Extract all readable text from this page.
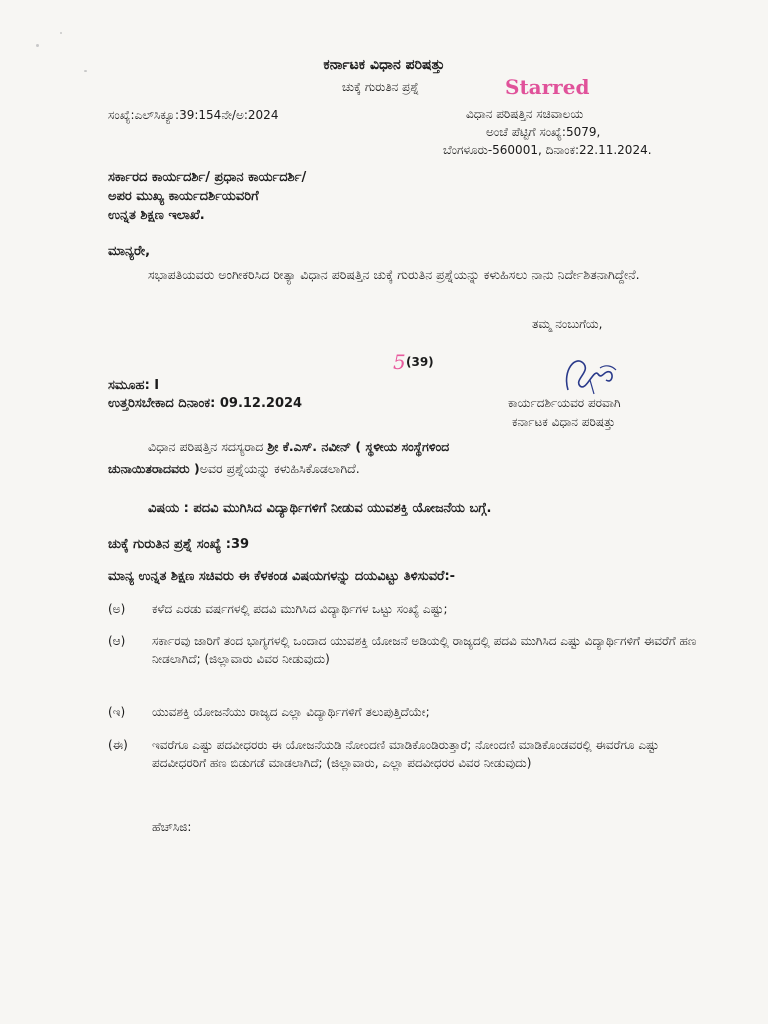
ಕರ್ನಾಟಕ ವಿಧಾನ ಪರಿಷತ್ತು
ಚುಕ್ಕೆ ಗುರುತಿನ ಪ್ರಶ್ನೆ	Starred
ಸಂಖ್ಯೆ:ಎಲ್‌ಸಿಕ್ಯೂ:39:154ನೇ/ಅ:2024	ವಿಧಾನ ಪರಿಷತ್ತಿನ ಸಚಿವಾಲಯ
ಅಂಚೆ ಪೆಟ್ಟಿಗೆ ಸಂಖ್ಯೆ:5079,
ಬೆಂಗಳೂರು-560001, ದಿನಾಂಕ:22.11.2024.
ಸರ್ಕಾರದ ಕಾರ್ಯದರ್ಶಿ/ ಪ್ರಧಾನ ಕಾರ್ಯದರ್ಶಿ/
ಅಪರ ಮುಖ್ಯ ಕಾರ್ಯದರ್ಶಿಯವರಿಗೆ
ಉನ್ನತ ಶಿಕ್ಷಣ ಇಲಾಖೆ.
ಮಾನ್ಯರೇ,
ಸಭಾಪತಿಯವರು ಅಂಗೀಕರಿಸಿದ ರೀತ್ಯಾ ವಿಧಾನ ಪರಿಷತ್ತಿನ ಚುಕ್ಕೆ ಗುರುತಿನ ಪ್ರಶ್ನೆಯನ್ನು ಕಳುಹಿಸಲು ನಾನು ನಿರ್ದೇಶಿತನಾಗಿದ್ದೇನೆ.
ತಮ್ಮ ನಂಬುಗೆಯ,
5 (39)
ಸಮೂಹ: I
ಉತ್ತರಿಸಬೇಕಾದ ದಿನಾಂಕ: 09.12.2024	ಕಾರ್ಯದರ್ಶಿಯವರ ಪರವಾಗಿ
ಕರ್ನಾಟಕ ವಿಧಾನ ಪರಿಷತ್ತು
ವಿಧಾನ ಪರಿಷತ್ತಿನ ಸದಸ್ಯರಾದ ಶ್ರೀ ಕೆ.ಎಸ್. ನವೀನ್ ( ಸ್ಥಳೀಯ ಸಂಸ್ಥೆಗಳಿಂದ
ಚುನಾಯಿತರಾದವರು )ಅವರ ಪ್ರಶ್ನೆಯನ್ನು ಕಳುಹಿಸಿಕೊಡಲಾಗಿದೆ.
ವಿಷಯ : ಪದವಿ ಮುಗಿಸಿದ ವಿದ್ಯಾರ್ಥಿಗಳಿಗೆ ನೀಡುವ ಯುವಶಕ್ತಿ ಯೋಜನೆಯ ಬಗ್ಗೆ.
ಚುಕ್ಕೆ ಗುರುತಿನ ಪ್ರಶ್ನೆ ಸಂಖ್ಯೆ :39
ಮಾನ್ಯ ಉನ್ನತ ಶಿಕ್ಷಣ ಸಚಿವರು ಈ ಕೆಳಕಂಡ ವಿಷಯಗಳನ್ನು ದಯವಿಟ್ಟು ತಿಳಿಸುವರೆ:-
(ಅ) ಕಳೆದ ಎರಡು ವರ್ಷಗಳಲ್ಲಿ ಪದವಿ ಮುಗಿಸಿದ ವಿದ್ಯಾರ್ಥಿಗಳ ಒಟ್ಟು ಸಂಖ್ಯೆ ಎಷ್ಟು;
(ಆ) ಸರ್ಕಾರವು ಜಾರಿಗೆ ತಂದ ಭಾಗ್ಯಗಳಲ್ಲಿ ಒಂದಾದ ಯುವಶಕ್ತಿ ಯೋಜನೆ ಅಡಿಯಲ್ಲಿ ರಾಜ್ಯದಲ್ಲಿ ಪದವಿ ಮುಗಿಸಿದ ಎಷ್ಟು ವಿದ್ಯಾರ್ಥಿಗಳಿಗೆ ಈವರೆಗೆ ಹಣ ನೀಡಲಾಗಿದೆ; (ಜಿಲ್ಲಾವಾರು ವಿವರ ನೀಡುವುದು)
(ಇ) ಯುವಶಕ್ತಿ ಯೋಜನೆಯು ರಾಜ್ಯದ ಎಲ್ಲಾ ವಿದ್ಯಾರ್ಥಿಗಳಿಗೆ ತಲುಪುತ್ತಿದೆಯೇ;
(ಈ) ಇವರೆಗೂ ಎಷ್ಟು ಪದವೀಧರರು ಈ ಯೋಜನೆಯಡಿ ನೋಂದಣಿ ಮಾಡಿಕೊಂಡಿರುತ್ತಾರೆ; ನೋಂದಣಿ ಮಾಡಿಕೊಂಡವರಲ್ಲಿ ಈವರೆಗೂ ಎಷ್ಟು ಪದವೀಧರರಿಗೆ ಹಣ ಬಿಡುಗಡೆ ಮಾಡಲಾಗಿದೆ; (ಜಿಲ್ಲಾವಾರು, ಎಲ್ಲಾ ಪದವೀಧರರ ವಿವರ ನೀಡುವುದು)
ಹೆಚ್‌ಸಿಜಿ:
